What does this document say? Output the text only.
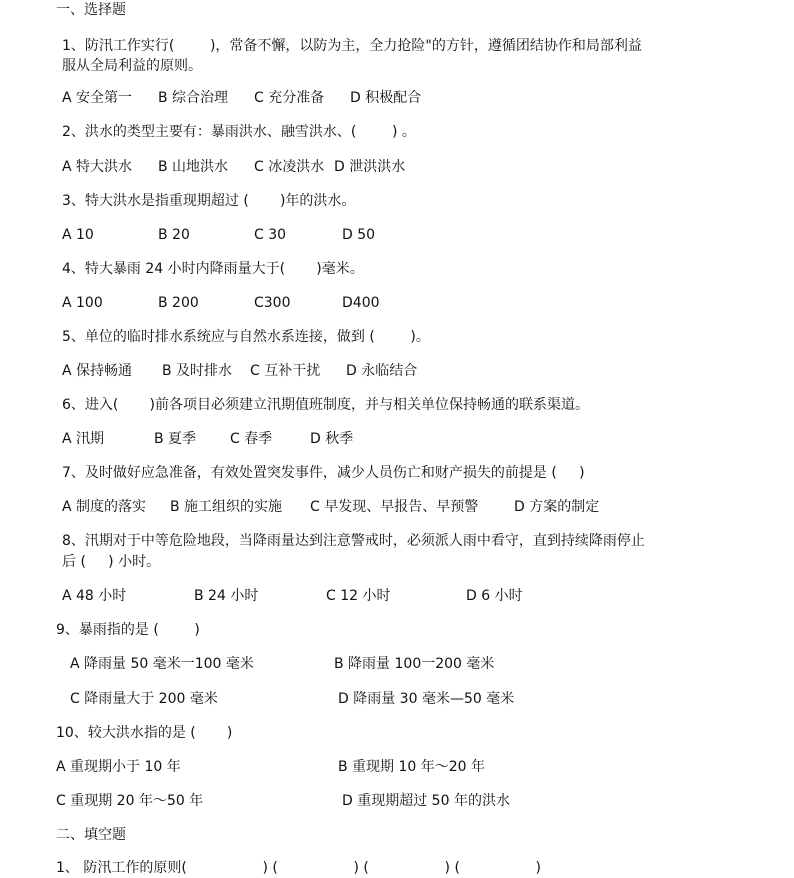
一、选择题
1、防汛工作实行(        )，常备不懈，以防为主，全力抢险"的方针，遵循团结协作和局部利益
服从全局利益的原则。
A 安全第一 B 综合治理 C 充分准备 D 积极配合
2、洪水的类型主要有：暴雨洪水、融雪洪水、(        ) 。
A 特大洪水 B 山地洪水 C 冰凌洪水 D 泄洪洪水
3、特大洪水是指重现期超过 (       )年的洪水。
A 10	B 20	C 30	D 50
4、特大暴雨 24 小时内降雨量大于(       )毫米。
A 100	B 200	C300	D400
5、单位的临时排水系统应与自然水系连接，做到 (        )。
A 保持畅通 B 及时排水 C 互补干扰 D 永临结合
6、进入(       )前各项目必须建立汛期值班制度，并与相关单位保持畅通的联系渠道。
A 汛期	B 夏季 C 春季	D 秋季
7、及时做好应急准备，有效处置突发事件，减少人员伤亡和财产损失的前提是 (     )
A 制度的落实 B 施工组织的实施 C 早发现、早报告、早预警	D 方案的制定
8、汛期对于中等危险地段，当降雨量达到注意警戒时，必须派人雨中看守，直到持续降雨停止
后 (     ) 小时。
A 48 小时	B 24 小时	C 12 小时	D 6 小时
9、暴雨指的是 (        )
A 降雨量 50 毫米一100 毫米	B 降雨量 100一200 毫米
C 降雨量大于 200 毫米	D 降雨量 30 毫米—50 毫米
10、较大洪水指的是 (       )
A 重现期小于 10 年	B 重现期 10 年～20 年
C 重现期 20 年～50 年	D 重现期超过 50 年的洪水
二、填空题
1、 防汛工作的原则(                 ) (                 ) (                 ) (                 )
